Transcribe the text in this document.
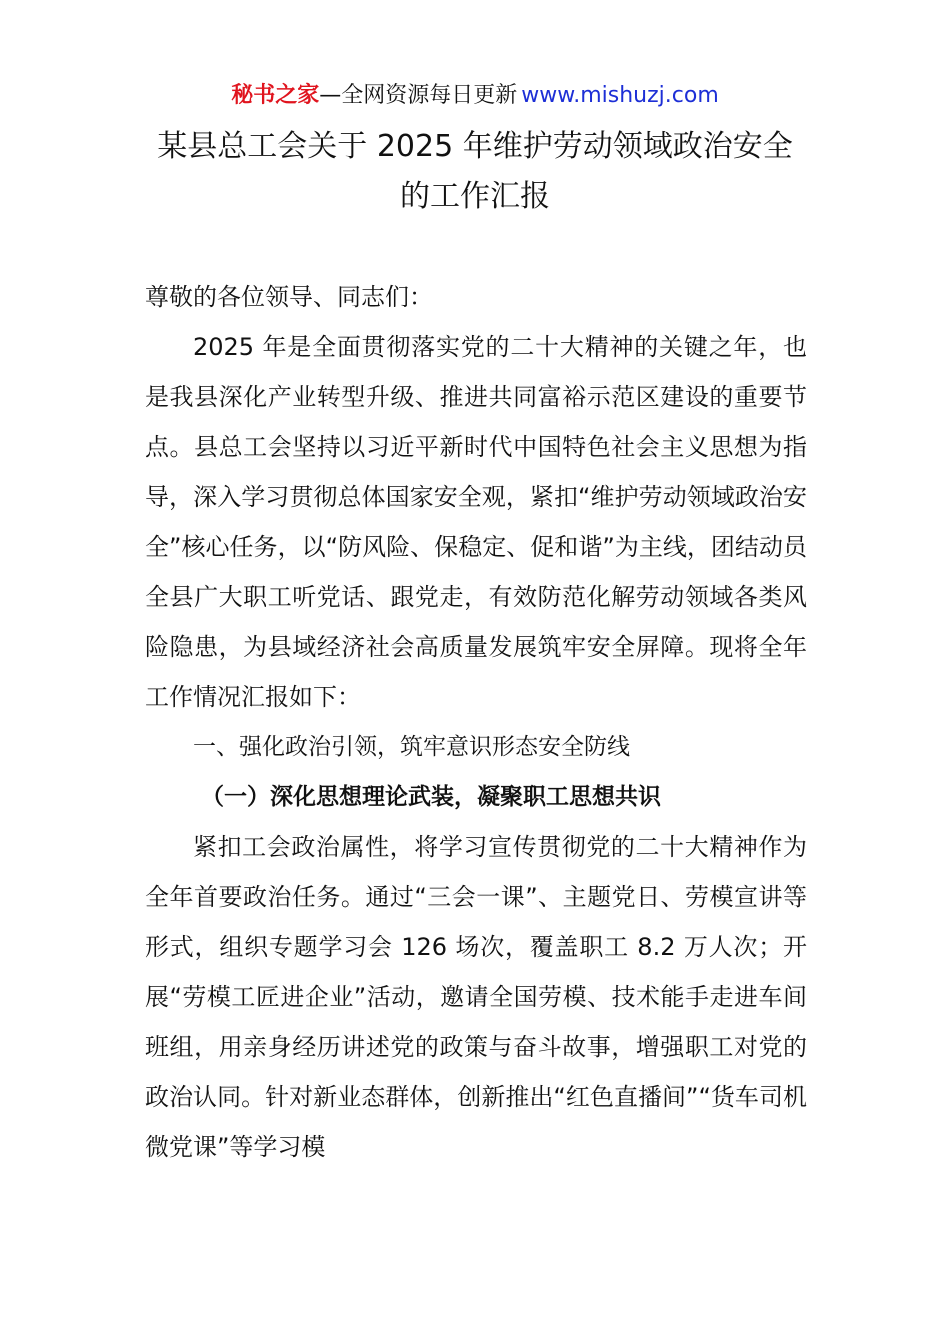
秘书之家—全网资源每日更新 www.mishuzj.com
某县总工会关于 2025 年维护劳动领域政治安全
的工作汇报

尊敬的各位领导、同志们：

2025 年是全面贯彻落实党的二十大精神的关键之年，也是我县深化产业转型升级、推进共同富裕示范区建设的重要节点。县总工会坚持以习近平新时代中国特色社会主义思想为指导，深入学习贯彻总体国家安全观，紧扣“维护劳动领域政治安全”核心任务，以“防风险、保稳定、促和谐”为主线，团结动员全县广大职工听党话、跟党走，有效防范化解劳动领域各类风险隐患，为县域经济社会高质量发展筑牢安全屏障。现将全年工作情况汇报如下：

一、强化政治引领，筑牢意识形态安全防线

（一）深化思想理论武装，凝聚职工思想共识

紧扣工会政治属性，将学习宣传贯彻党的二十大精神作为全年首要政治任务。通过“三会一课”、主题党日、劳模宣讲等形式，组织专题学习会 126 场次，覆盖职工 8.2 万人次；开展“劳模工匠进企业”活动，邀请全国劳模、技术能手走进车间班组，用亲身经历讲述党的政策与奋斗故事，增强职工对党的政治认同。针对新业态群体，创新推出“红色直播间”“货车司机微党课”等学习模
